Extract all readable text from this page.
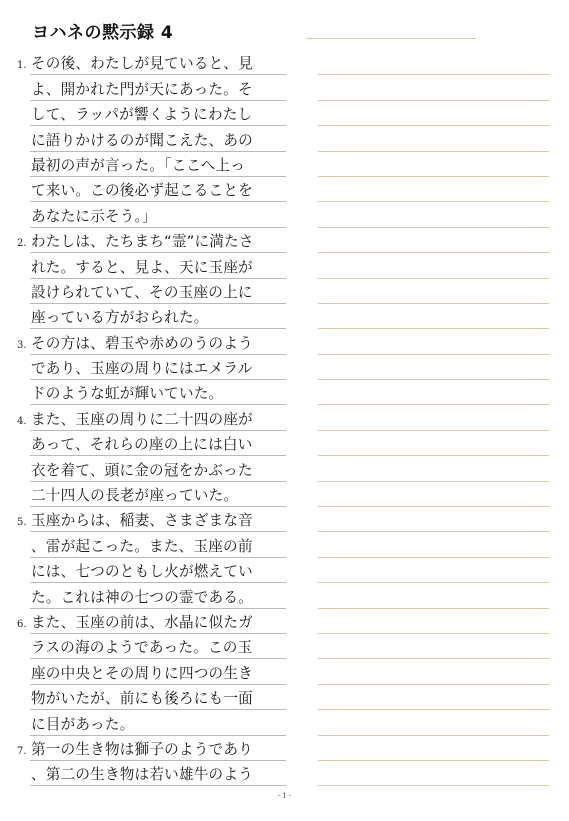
ヨハネの黙示録 4
1. その後、わたしが見ていると、見
よ、開かれた門が天にあった。そ
して、ラッパが響くようにわたし
に語りかけるのが聞こえた、あの
最初の声が言った。「ここへ上っ
て来い。この後必ず起こることを
あなたに示そう。」
2. わたしは、たちまち“霊”に満たさ
れた。すると、見よ、天に玉座が
設けられていて、その玉座の上に
座っている方がおられた。
3. その方は、碧玉や赤めのうのよう
であり、玉座の周りにはエメラル
ドのような虹が輝いていた。
4. また、玉座の周りに二十四の座が
あって、それらの座の上には白い
衣を着て、頭に金の冠をかぶった
二十四人の長老が座っていた。
5. 玉座からは、稲妻、さまざまな音
、雷が起こった。また、玉座の前
には、七つのともし火が燃えてい
た。これは神の七つの霊である。
6. また、玉座の前は、水晶に似たガ
ラスの海のようであった。この玉
座の中央とその周りに四つの生き
物がいたが、前にも後ろにも一面
に目があった。
7. 第一の生き物は獅子のようであり
、第二の生き物は若い雄牛のよう
- 1 -
